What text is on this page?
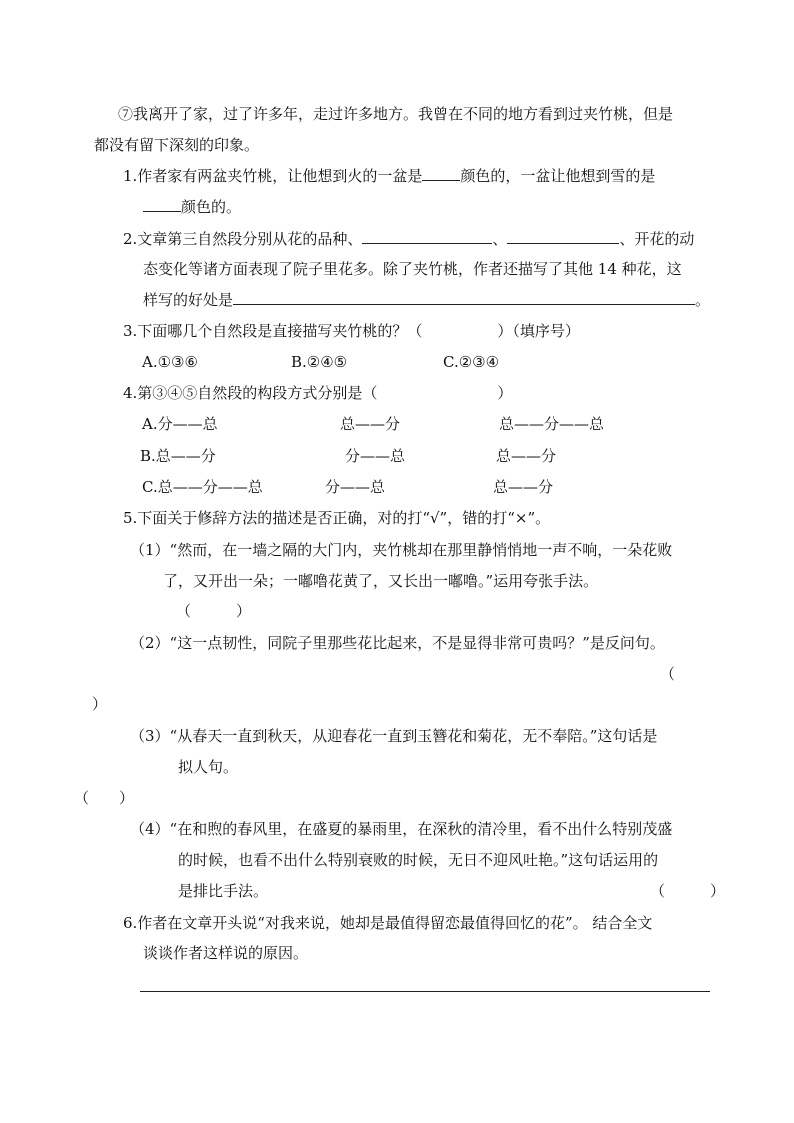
⑦我离开了家，过了许多年，走过许多地方。我曾在不同的地方看到过夹竹桃，但是
都没有留下深刻的印象。
1.作者家有两盆夹竹桃，让他想到火的一盆是	颜色的，一盆让他想到雪的是
颜色的。
2.文章第三自然段分别从花的品种、	、	、开花的动
态变化等诸方面表现了院子里花多。除了夹竹桃，作者还描写了其他 14 种花，这
样写的好处是	。
3.下面哪几个自然段是直接描写夹竹桃的？（　　　　　）（填序号）
A.①③⑥	B.②④⑤	C.②③④
4.第③④⑤自然段的构段方式分别是（　　　　　　　　）
A.分——总	总——分	总——分——总
B.总——分	分——总	总——分
C.总——分——总	分——总	总——分
5.下面关于修辞方法的描述是否正确，对的打“√”，错的打“×”。
（1）“然而，在一墙之隔的大门内，夹竹桃却在那里静悄悄地一声不响，一朵花败
了，又开出一朵；一嘟噜花黄了，又长出一嘟噜。”运用夸张手法。
（　　　）
（2）“这一点韧性，同院子里那些花比起来，不是显得非常可贵吗？”是反问句。
（
）
（3）“从春天一直到秋天，从迎春花一直到玉簪花和菊花，无不奉陪。”这句话是
拟人句。
（　　）
（4）“在和煦的春风里，在盛夏的暴雨里，在深秋的清冷里，看不出什么特别茂盛
的时候，也看不出什么特别衰败的时候，无日不迎风吐艳。”这句话运用的
是排比手法。	（　　　）
6.作者在文章开头说“对我来说，她却是最值得留恋最值得回忆的花”。 结合全文
谈谈作者这样说的原因。
